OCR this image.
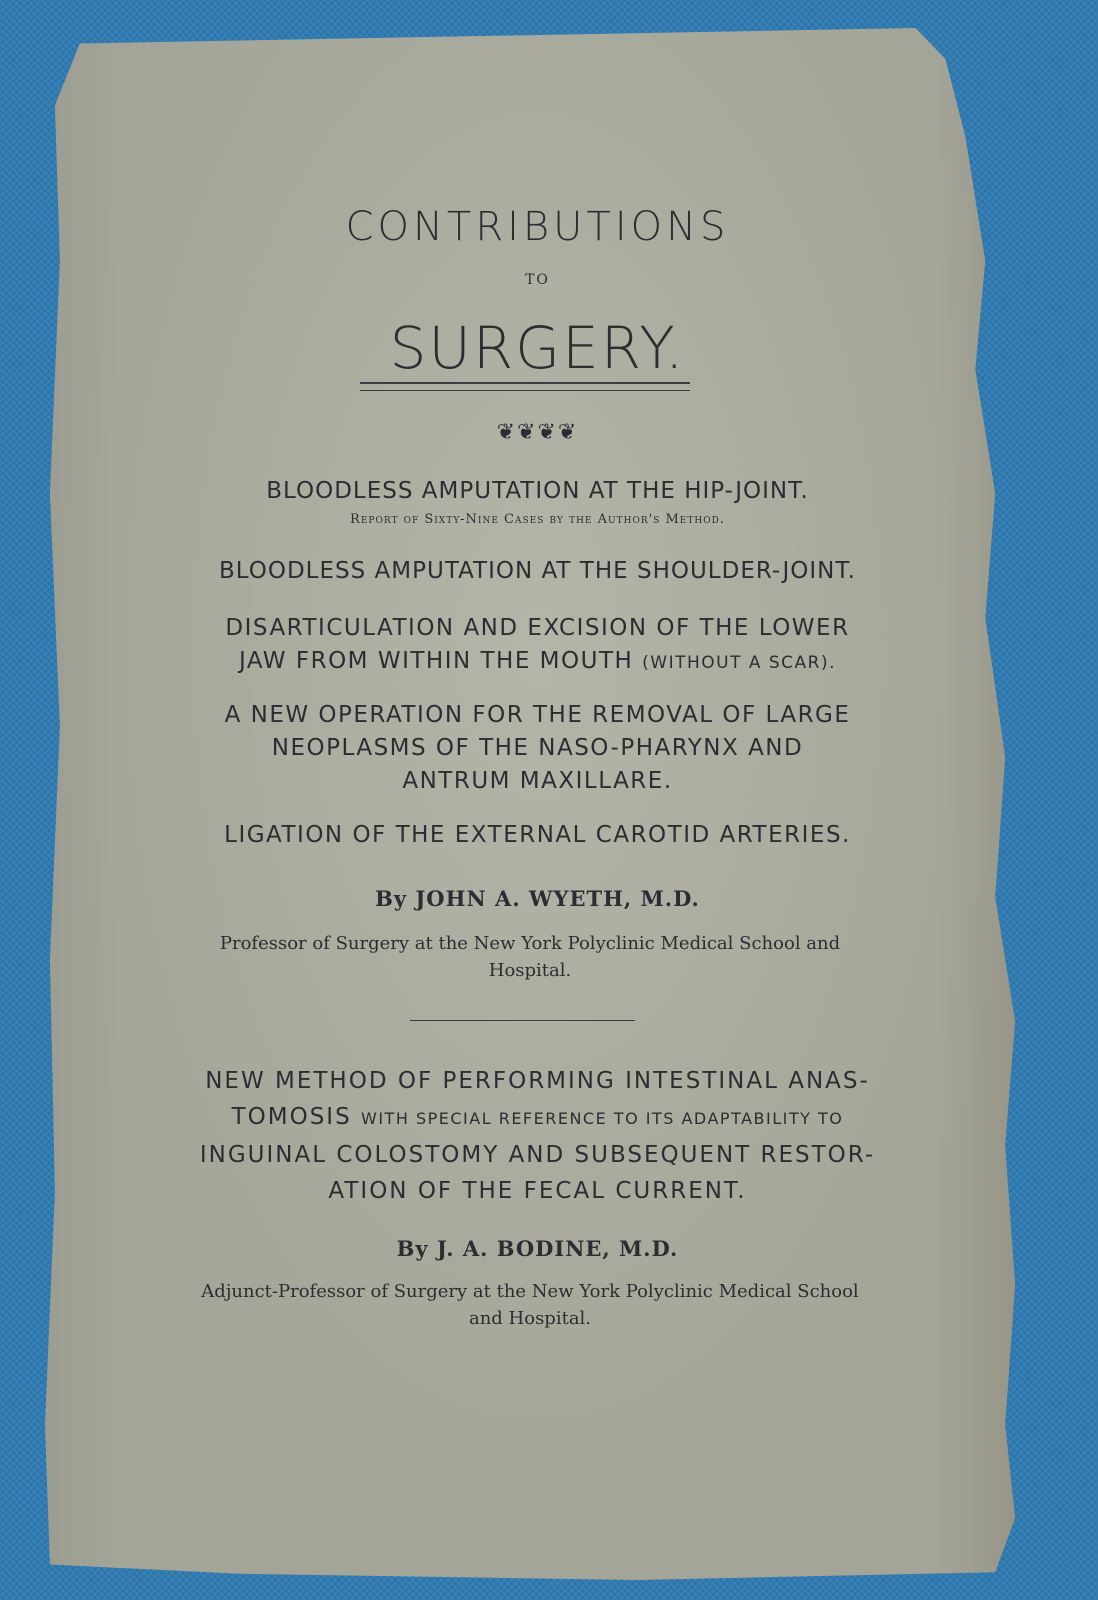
CONTRIBUTIONS
TO
SURGERY.
❦❦❦❦
BLOODLESS AMPUTATION AT THE HIP-JOINT.
Report of Sixty-Nine Cases by the Author's Method.
BLOODLESS AMPUTATION AT THE SHOULDER-JOINT.
DISARTICULATION AND EXCISION OF THE LOWER
JAW FROM WITHIN THE MOUTH (WITHOUT A SCAR).
A NEW OPERATION FOR THE REMOVAL OF LARGE
NEOPLASMS OF THE NASO-PHARYNX AND
ANTRUM MAXILLARE.
LIGATION OF THE EXTERNAL CAROTID ARTERIES.
By JOHN A. WYETH, M.D.
Professor of Surgery at the New York Polyclinic Medical School and
Hospital.
NEW METHOD OF PERFORMING INTESTINAL ANAS-
TOMOSIS WITH SPECIAL REFERENCE TO ITS ADAPTABILITY TO
INGUINAL COLOSTOMY AND SUBSEQUENT RESTOR-
ATION OF THE FECAL CURRENT.
By J. A. BODINE, M.D.
Adjunct-Professor of Surgery at the New York Polyclinic Medical School
and Hospital.
